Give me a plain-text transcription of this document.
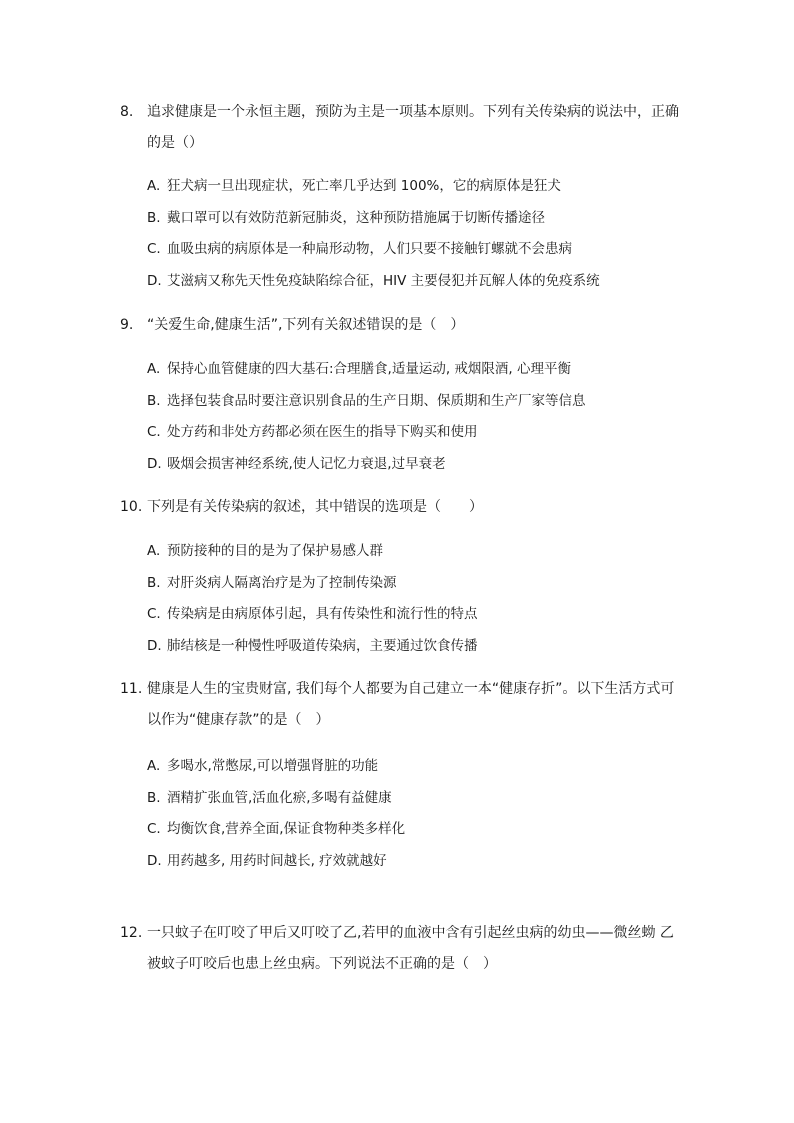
8. 追求健康是一个永恒主题，预防为主是一项基本原则。下列有关传染病的说法中，正确的是（）
A. 狂犬病一旦出现症状，死亡率几乎达到 100%，它的病原体是狂犬
B. 戴口罩可以有效防范新冠肺炎，这种预防措施属于切断传播途径
C. 血吸虫病的病原体是一种扁形动物，人们只要不接触钉螺就不会患病
D. 艾滋病又称先天性免疫缺陷综合征，HIV 主要侵犯并瓦解人体的免疫系统
9. “关爱生命,健康生活”,下列有关叙述错误的是（　）
A. 保持心血管健康的四大基石:合理膳食,适量运动, 戒烟限酒, 心理平衡
B. 选择包装食品时要注意识别食品的生产日期、保质期和生产厂家等信息
C. 处方药和非处方药都必须在医生的指导下购买和使用
D. 吸烟会损害神经系统,使人记忆力衰退,过早衰老
10. 下列是有关传染病的叙述，其中错误的选项是（　　）
A. 预防接种的目的是为了保护易感人群
B. 对肝炎病人隔离治疗是为了控制传染源
C. 传染病是由病原体引起，具有传染性和流行性的特点
D. 肺结核是一种慢性呼吸道传染病，主要通过饮食传播
11. 健康是人生的宝贵财富, 我们每个人都要为自己建立一本“健康存折”。以下生活方式可以作为“健康存款”的是（　）
A. 多喝水,常憋尿,可以增强肾脏的功能
B. 酒精扩张血管,活血化瘀,多喝有益健康
C. 均衡饮食,营养全面,保证食物种类多样化
D. 用药越多, 用药时间越长, 疗效就越好
12. 一只蚊子在叮咬了甲后又叮咬了乙,若甲的血液中含有引起丝虫病的幼虫——微丝蚴 乙被蚊子叮咬后也患上丝虫病。下列说法不正确的是（　）
